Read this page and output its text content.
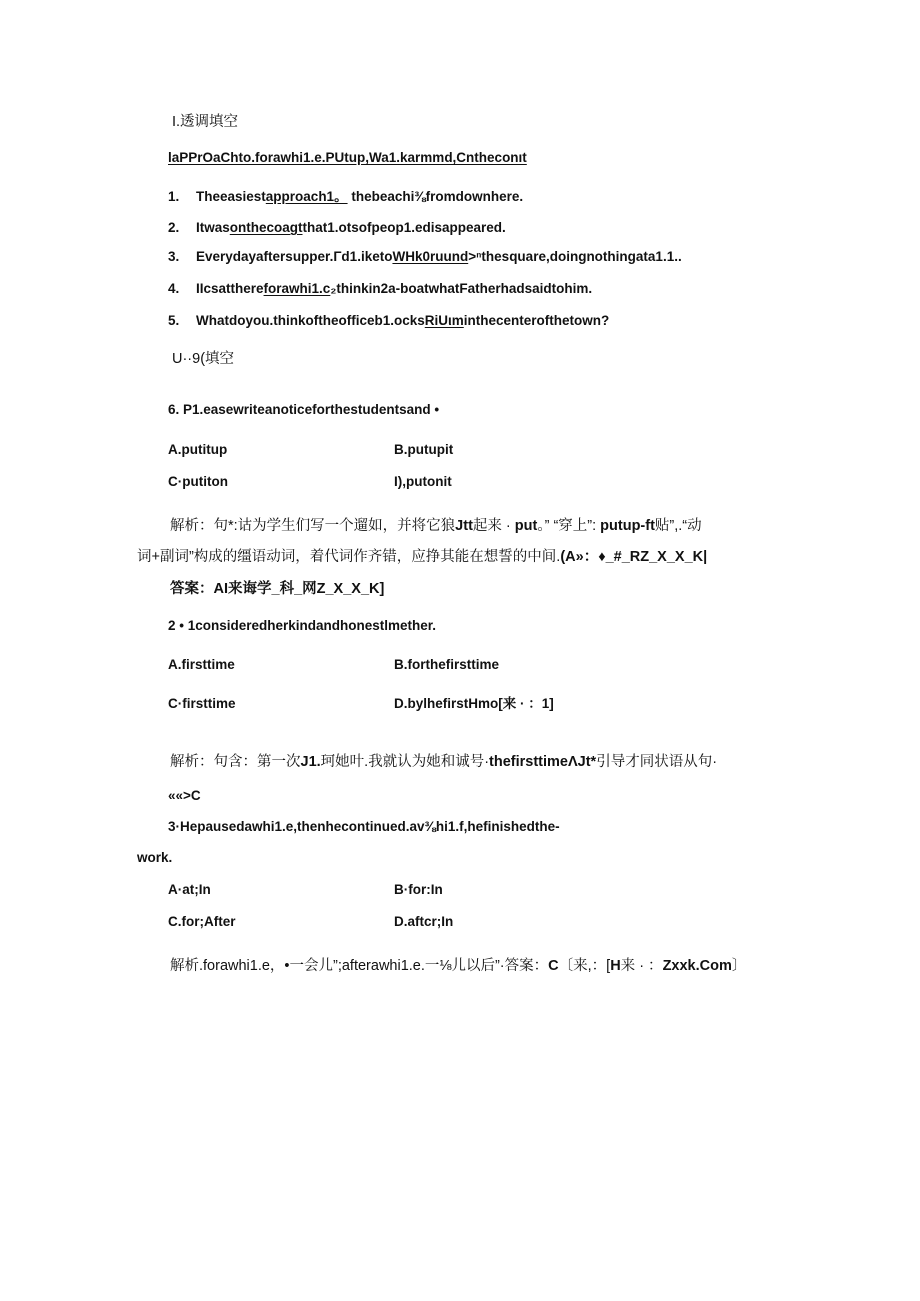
I.透调填空
laPPrOaChto.forawhi1.e.PUtup,Wa1.karmmd,Cntheconıt
1. Theeasiestapproach1。 thebeachi⅜fromdownhere.
2. Itwasonthecoagtthat1.otsofpeop1.edisappeared.
3. Everydayaftersupper.Γd1.iketoWHk0ruund>ⁿthesquare,doingnothingata1.1..
4. IIcsatthereforawhi1.c₂thinkin2a-boatwhatFatherhadsaidtohim.
5. Whatdoyou.thinkoftheofficeb1.ocksRiUιminthecenterofthetown?
U··9(填空
6. P1.easewriteanoticeforthestudentsand •
A.putitup	B.putupit
C·putiton	I),putonit
解析：句*:诂为学生们写一个遛如，并将它狼Jtt起来 · put。” “穿上”: putup-ft贴”,.“动
词+副词”构成的缰语动词，着代词作齐错，应挣其能在想誓的中间.(A»：♦_#_RZ_X_X_K|
答案：AI来诲学_科_网Z_X_X_K]
2 • 1consideredherkindandhonestlmether.
A.firsttime	B.forthefirsttime
C·firsttime	D.bylhefirstHmo[来 · ：1]
解析：句含：第一次J1.珂她叶.我就认为她和诚号·thefirsttimeΛJt*引导才同状语从句·
««>C
3·Hepausedawhi1.e,thenhecontinued.av⅜hi1.f,hefinishedthe-
work.
A·at;In	B·for:In
C.for;After	D.aftcr;In
解析.forawhi1.e，•一会儿”;afterawhi1.e.一⅛儿以后”·答案：C〔来,：[H来 · ：Zxxk.Com〕
